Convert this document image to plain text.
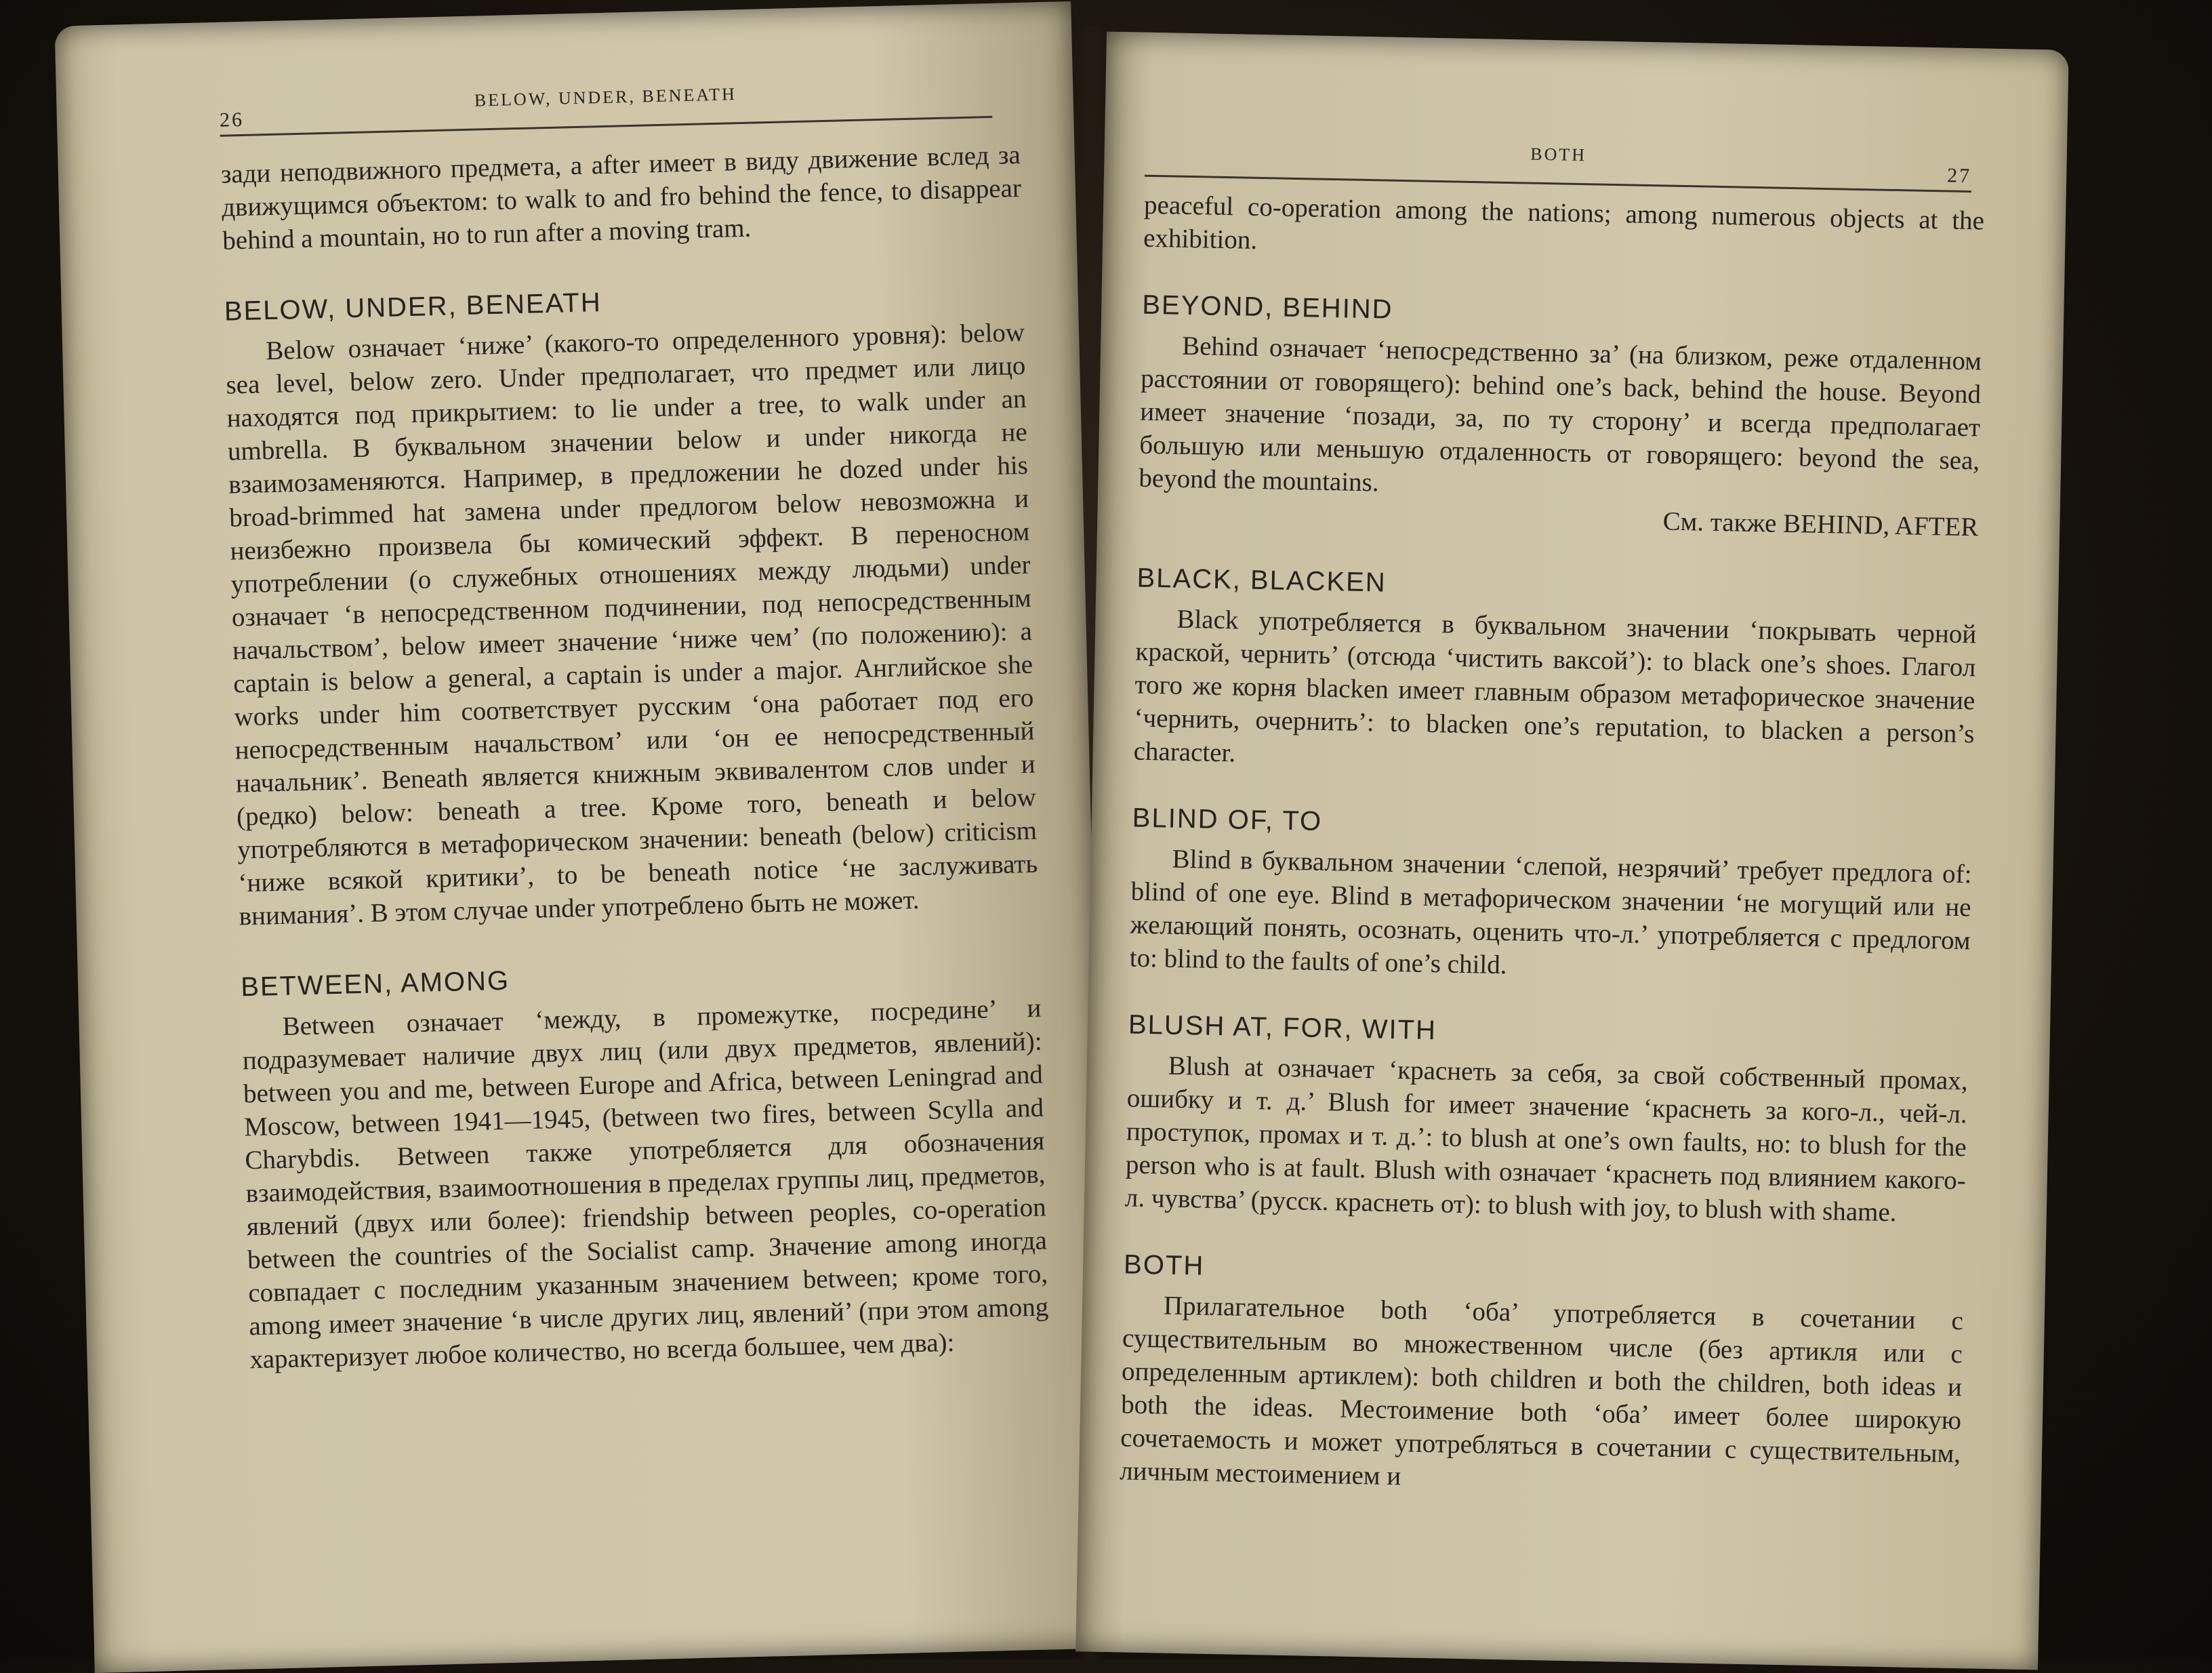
26
BELOW, UNDER, BENEATH

зади неподвижного предмета, а after имеет в виду движение вслед за движущимся объектом: to walk to and fro behind the fence, to disappear behind a mountain, но to run after a moving tram.

BELOW, UNDER, BENEATH

Below означает ‘ниже’ (какого-то определенного уровня): below sea level, below zero. Under предполагает, что предмет или лицо находятся под прикрытием: to lie under a tree, to walk under an umbrella. В буквальном значении below и under никогда не взаимозаменяются. Например, в предложении he dozed under his broad-brimmed hat замена under предлогом below невозможна и неизбежно произвела бы комический эффект. В переносном употреблении (о служебных отношениях между людьми) under означает ‘в непосредственном подчинении, под непосредственным начальством’, below имеет значение ‘ниже чем’ (по положению): a captain is below a general, a captain is under a major. Английское she works under him соответствует русским ‘она работает под его непосредственным начальством’ или ‘он ее непосредственный начальник’. Beneath является книжным эквивалентом слов under и (редко) below: beneath a tree. Кроме того, beneath и below употребляются в метафорическом значении: beneath (below) criticism ‘ниже всякой критики’, to be beneath notice ‘не заслуживать внимания’. В этом случае under употреблено быть не может.

BETWEEN, AMONG

Between означает ‘между, в промежутке, посредине’ и подразумевает наличие двух лиц (или двух предметов, явлений): between you and me, between Europe and Africa, between Leningrad and Moscow, between 1941—1945, (between two fires, between Scylla and Charybdis. Between также употребляется для обозначения взаимодействия, взаимоотношения в пределах группы лиц, предметов, явлений (двух или более): friendship between peoples, co-operation between the countries of the Socialist camp. Значение among иногда совпадает с последним указанным значением between; кроме того, among имеет значение ‘в числе других лиц, явлений’ (при этом among характеризует любое количество, но всегда большее, чем два):

BOTH
27

peaceful co-operation among the nations; among numerous objects at the exhibition.

BEYOND, BEHIND

Behind означает ‘непосредственно за’ (на близком, реже отдаленном расстоянии от говорящего): behind one’s back, behind the house. Beyond имеет значение ‘позади, за, по ту сторону’ и всегда предполагает большую или меньшую отдаленность от говорящего: beyond the sea, beyond the mountains.

См. также BEHIND, AFTER

BLACK, BLACKEN

Black употребляется в буквальном значении ‘покрывать черной краской, чернить’ (отсюда ‘чистить ваксой’): to black one’s shoes. Глагол того же корня blacken имеет главным образом метафорическое значение ‘чернить, очернить’: to blacken one’s reputation, to blacken a person’s character.

BLIND OF, TO

Blind в буквальном значении ‘слепой, незрячий’ требует предлога of: blind of one eye. Blind в метафорическом значении ‘не могущий или не желающий понять, осознать, оценить что-л.’ употребляется с предлогом to: blind to the faults of one’s child.

BLUSH AT, FOR, WITH

Blush at означает ‘краснеть за себя, за свой собственный промах, ошибку и т. д.’ Blush for имеет значение ‘краснеть за кого-л., чей-л. проступок, промах и т. д.’: to blush at one’s own faults, но: to blush for the person who is at fault. Blush with означает ‘краснеть под влиянием какого-л. чувства’ (русск. краснеть от): to blush with joy, to blush with shame.

BOTH

Прилагательное both ‘оба’ употребляется в сочетании с существительным во множественном числе (без артикля или с определенным артиклем): both children и both the children, both ideas и both the ideas. Местоимение both ‘оба’ имеет более широкую сочетаемость и может употребляться в сочетании с существительным, личным местоимением и
